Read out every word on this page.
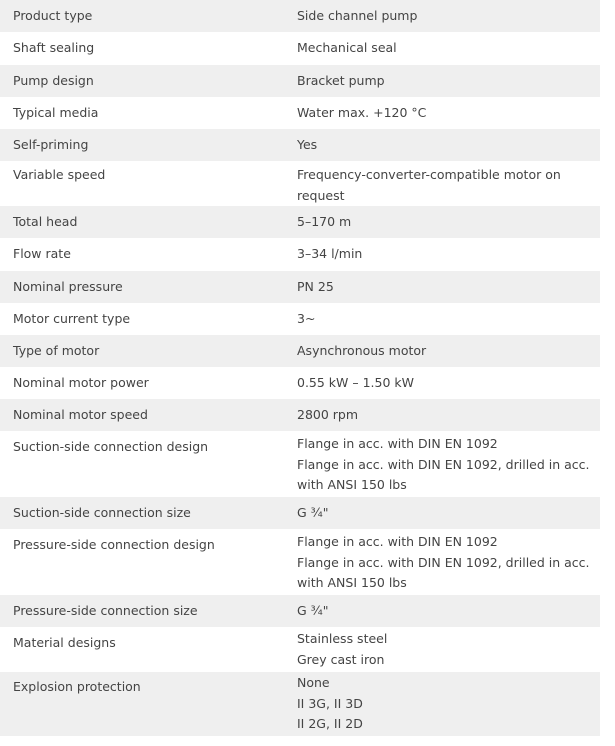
Product type	Side channel pump
Shaft sealing	Mechanical seal
Pump design	Bracket pump
Typical media	Water max. +120 °C
Self-priming	Yes
Variable speed	Frequency-converter-compatible motor on request
Total head	5–170 m
Flow rate	3–34 l/min
Nominal pressure	PN 25
Motor current type	3~
Type of motor	Asynchronous motor
Nominal motor power	0.55 kW – 1.50 kW
Nominal motor speed	2800 rpm
Suction-side connection design	Flange in acc. with DIN EN 1092
Flange in acc. with DIN EN 1092, drilled in acc. with ANSI 150 lbs
Suction-side connection size	G ¾"
Pressure-side connection design	Flange in acc. with DIN EN 1092
Flange in acc. with DIN EN 1092, drilled in acc. with ANSI 150 lbs
Pressure-side connection size	G ¾"
Material designs	Stainless steel
Grey cast iron
Explosion protection	None
II 3G, II 3D
II 2G, II 2D
